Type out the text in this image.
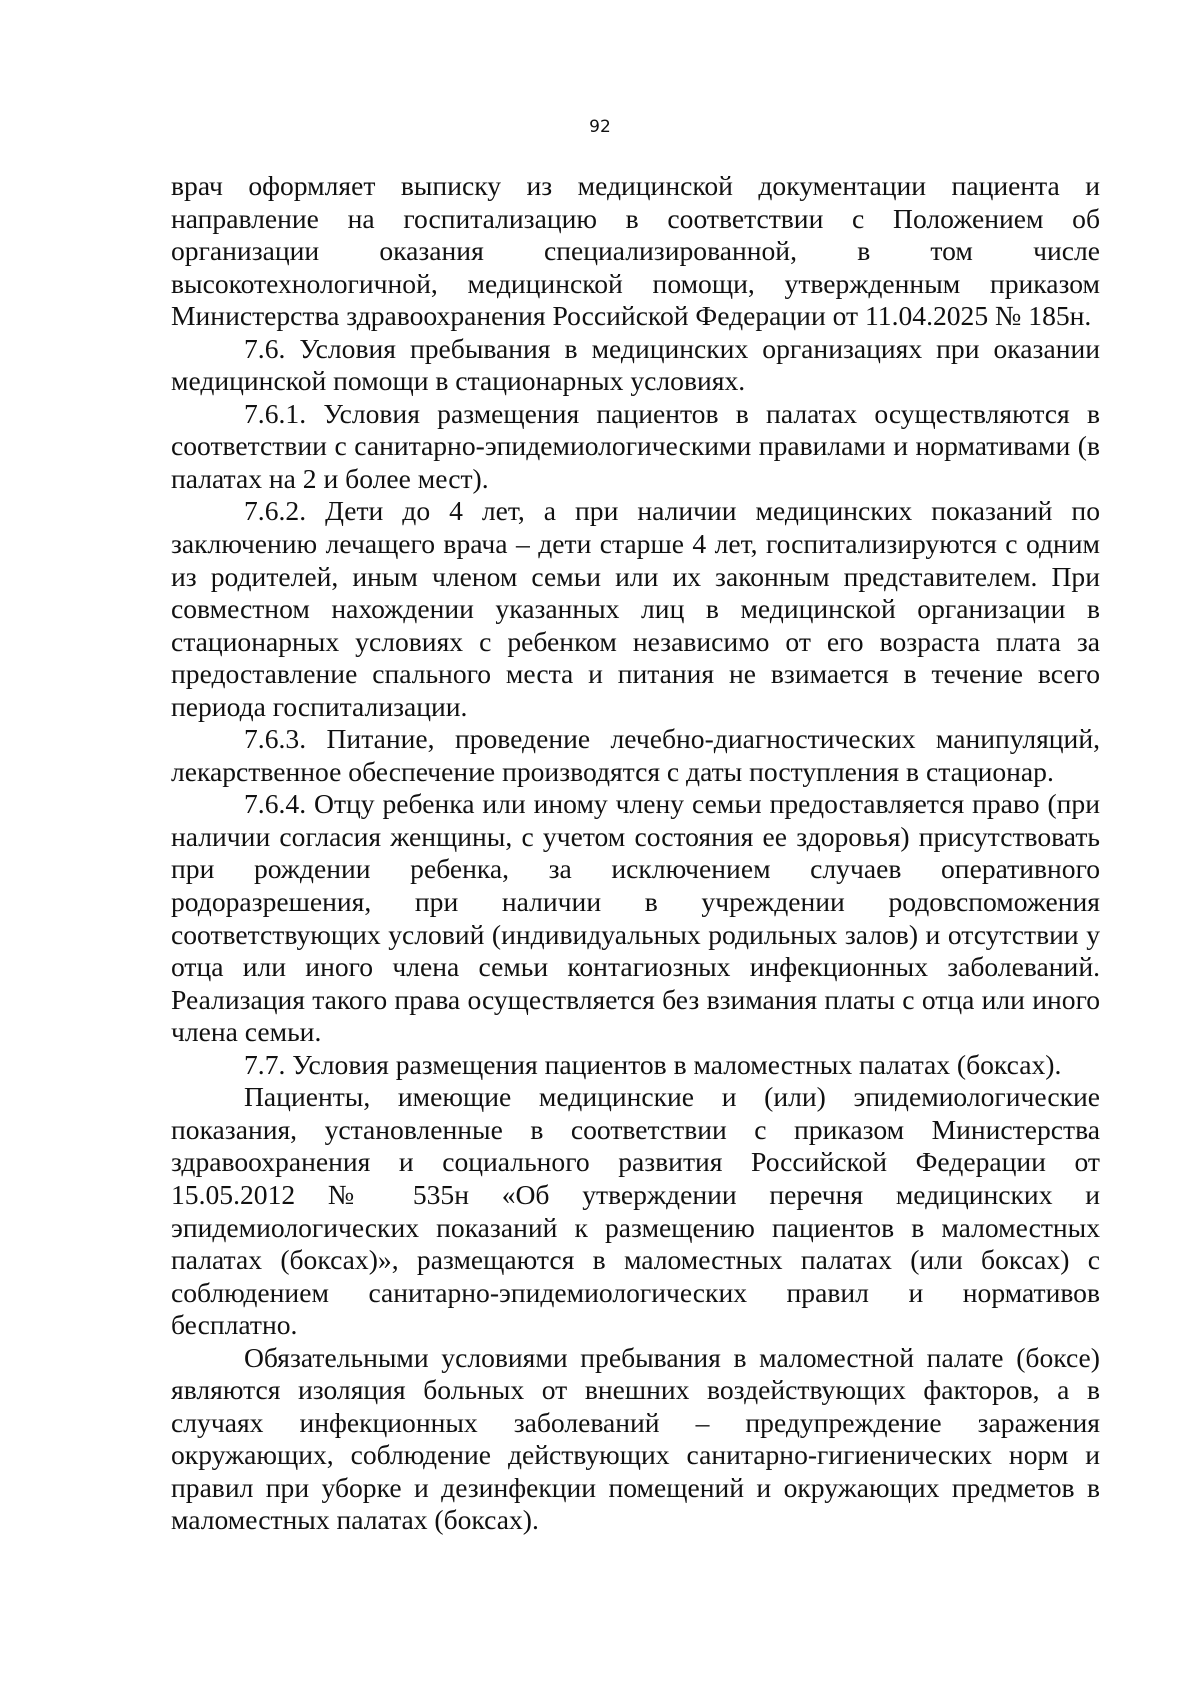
92

врач оформляет выписку из медицинской документации пациента и направление на госпитализацию в соответствии с Положением об организации оказания специализированной, в том числе высокотехнологичной, медицинской помощи, утвержденным приказом Министерства здравоохранения Российской Федерации от 11.04.2025 № 185н.

7.6. Условия пребывания в медицинских организациях при оказании медицинской помощи в стационарных условиях.

7.6.1. Условия размещения пациентов в палатах осуществляются в соответствии с санитарно-эпидемиологическими правилами и нормативами (в палатах на 2 и более мест).

7.6.2. Дети до 4 лет, а при наличии медицинских показаний по заключению лечащего врача – дети старше 4 лет, госпитализируются с одним из родителей, иным членом семьи или их законным представителем. При совместном нахождении указанных лиц в медицинской организации в стационарных условиях с ребенком независимо от его возраста плата за предоставление спального места и питания не взимается в течение всего периода госпитализации.

7.6.3. Питание, проведение лечебно-диагностических манипуляций, лекарственное обеспечение производятся с даты поступления в стационар.

7.6.4. Отцу ребенка или иному члену семьи предоставляется право (при наличии согласия женщины, с учетом состояния ее здоровья) присутствовать при рождении ребенка, за исключением случаев оперативного родоразрешения, при наличии в учреждении родовспоможения соответствующих условий (индивидуальных родильных залов) и отсутствии у отца или иного члена семьи контагиозных инфекционных заболеваний. Реализация такого права осуществляется без взимания платы с отца или иного члена семьи.

7.7. Условия размещения пациентов в маломестных палатах (боксах).

Пациенты, имеющие медицинские и (или) эпидемиологические показания, установленные в соответствии с приказом Министерства здравоохранения и социального развития Российской Федерации от 15.05.2012 № 535н «Об утверждении перечня медицинских и эпидемиологических показаний к размещению пациентов в маломестных палатах (боксах)», размещаются в маломестных палатах (или боксах) с соблюдением санитарно-эпидемиологических правил и нормативов бесплатно.

Обязательными условиями пребывания в маломестной палате (боксе) являются изоляция больных от внешних воздействующих факторов, а в случаях инфекционных заболеваний – предупреждение заражения окружающих, соблюдение действующих санитарно-гигиенических норм и правил при уборке и дезинфекции помещений и окружающих предметов в маломестных палатах (боксах).
